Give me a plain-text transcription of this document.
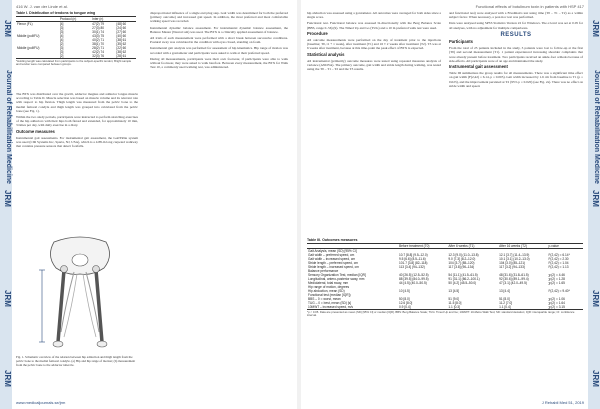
JRM
Journal of Rehabilitation Medicine
JRM
JRM
JRM
416 W. J. van der Linde et al.
Table I. Distribution of tendons to tongue wing
	Protocol (n)	Inter (n)	
Flexor (FL)	[4]	47(2) 79	[48] 60
	[3]	27(3) 80	[24] 60
	[3]	30(1) 74	[27] 60
Middle (pull/FU)	[4]	43(3) 75	[40] 60
	[4]	40(2) 71	[38] 61
	[2]	38(1) 70	[35] 62
Middle (pull/FU)	[3]	28(2) 71	[22] 60
	[3]	42(2) 74	[38] 62
	[2]	32(3) 76	[28] 61
*Holding length was calculated from participants to the subject-specific tendon; Bright sample and tendon were compared between groups.

The BTX was distributed over the gracili, adductor magnus and adductor longus muscle according to Table II. Muscle selection was based on muscle volume and its relevant role with respect to hip flexion. Thigh length was measured from the pelvic bone to the medial femoral condyle and thigh length was grouped into calculated from the pelvic bone (see Fig. 1).

Within the two study periods, participants were instructed to perform stretching exercises of the hip adductors with their hips both flexed and extended, for approximately 10 min, 3 times per day, with daily exercise in a diary.

Outcome measures

Instrumental gait assessments. For instrumental gait assessment, the GAITRite system was used (CIR Systems Inc, Sparta, NJ, USA), which is a 4.88-m long carpeted walkway that contains pressure sensors that detect footfalls.

Fig. 1. Schematic overview of the relation between hip adduction and thigh length from the pelvic bone to the medial femoral condyle. (a) Hip and hip range of motion; (b) measurement from the pelvic bone to the adductor tubercle.

disproportional influence of a single end plug step. Gait width was determined for both the preferred (primary outcome) and increased gait speed. In addition, the most preferred and most comfortable walking speed was recorded.

Instrumental dynamic balance assessment. For instrumental dynamic balance assessment, the Balance Master (NeuroCom) was used. The BTX is a clinically applied assessment of balance.

All trials of each measurement were performed with a short break between successive conditions. Postural sway was calculated in the condition with eyes closed, standing on foam.

Instrumental gait analysis was performed for assessment of hip kinematics. Hip range of motion was recorded with a goniometer and participants were asked to walk at their preferred speed.

During all measurements, participants were their own footwear, if participants were able to walk without footwear, they were asked to walk barefoot. Between every measurement, the BTX for Walk Test 10, a commonly used walking test, was administered.

www.medicaljournals.se/jrm
JRM
Journal of Rehabilitation Medicine
JRM
JRM
JRM
Functional effects of botulinum toxin in patients with HSP 417

hip abduction was assessed using a goniometer. All outcomes were averaged for both sides since a single score.

Functional test. Functional balance was assessed bi-directionally with the Berg Balance Scale (BBS, range 0–56) (9). The Timed Up and Go (TUG) and a 10 m preferred walk test were used.

Procedure

All outcome measurements were performed on the day of treatment prior to the injections (baseline; T0, t1 + 1 week), after treatment (T1) and 16 ± 2 weeks after treatment (T2). T3 was at 6 weeks after treatment, because at this time-point the peak effect of BTX is expected.

Statistical analysis

All instrumental (primarily) outcome measures were tested using repeated measures analysis of variance (ANOVA). The primary outcome, gait width and stride length during walking, was tested using the T0 – T1 – T2 and the T3 results.

and functional test) were analysed with a Friedman's test using time (T0 – T1 – T2) as a within subject factor. When necessary, a post-hoc test was performed.

Data were analysed using SPSS Statistics Version 22 for Windows. The α level was set at 0.05 for all analyses, with no adjustment for multiple comparisons.

RESULTS
Participants

From the total of 25 patients included in the study, 3 patients were lost to follow-up at the first (T0) and second measurement (T1). 1 patient experienced increasing shoulder complaints that were already present before treatment. Two participants received an ankle-foot orthosis because of side-effects. All participants were of an age and maintained the study.

Instrumental gait assessment

Table III summarizes the group results for all measurements. There was a significant time effect on gait width (F(2,42) = 6.14, p = 0.005). Gait width increased by 1.6 cm from baseline to T1 (p = 0.023), and the improvement persisted at T2 (95% p = 0.020) (see Fig. 2a). There was no effect on stride width and speed.

Table III. Outcomes measures
	Before treatment (T0)	After 6 weeks (T1)	After 16 weeks (T2)	p-value
Gait Analysis, mean (SD) [95% CI]				
Gait width – preferred speed, cm	10.7 [8.8] (9.5–12.0)	12.3 [9.0] (11.0–13.8)	12.1 [3.7] (11.4–13.9)	F(2,42) = 6.14*
Gait width – increased speed, cm	9.5 [6.6] (8.5–11.6)	9.0 [7.3] (8.2–12.0)	10.1 [3.1] (10.2–13.0)	F(2,42) = 2.30
Stride length – preferred speed, cm	101.7 [3.8] (82–118)	104 [3.7] (85–120)	104 [3.0] (85–121)	F(2,42) = 1.04
Stride length – increased speed, cm	113 [3.4] (94–132)	117 [3.8] (96–134)	117 [3.2] (94–133)	F(2,42) = 1.13
Balance performance				
Sensory Organization Test, median [IQR]	40 [26.5] (12.5–52.5)	54 [11.1] (41.5–61.5)	48 [31.6] (31.8–61.5)	χ²(2) = 4.46
Longitudinal, antero-posterior sway, mm	88 [39.5] (84.0–99.5)	91 [31.1] (86.2–100.1)	92 [30.6] (89.1–99.4)	χ²(2) = 1.28
Mediolateral, total sway, mm	44 [4.5] (40.0–50.5)	50 [4.2] (45.5–50.0)	47 [3.1] (42.0–49.5)	χ²(2) = 1.65
Hip range of motion, degrees				
Hip abduction, mean (SD)	10 [4.5]	13 [4.5]	13 [4.4]	F(2,42) = 9.40*
Functional test (median [IQR])				
BBS – 0 = worst, mean	50 [8.0]	51 [9.0]	51 [8.0]	χ²(2) = 1.06
TUG – 0 = best, mean (SD) [s]	12.6 [8.0]	11.5 [8.0]	11.2 [7.0]	χ²(2) = 1.64
10MWT – increased speed, m/s	0.9 [0.4]	1.1 [0.3]	1.1 [0.4]	χ²(2) = 3.15
*p < 0.05. Data are presented as mean (SD) [95% CI] or median [IQR]. BBS: Berg Balance Scale; TUG: Timed Up and Go; 10MWT: 10-Metre Walk Test; SD: standard deviation; IQR: interquartile range; CI: confidence interval.
J Rehabil Med 51, 2019
